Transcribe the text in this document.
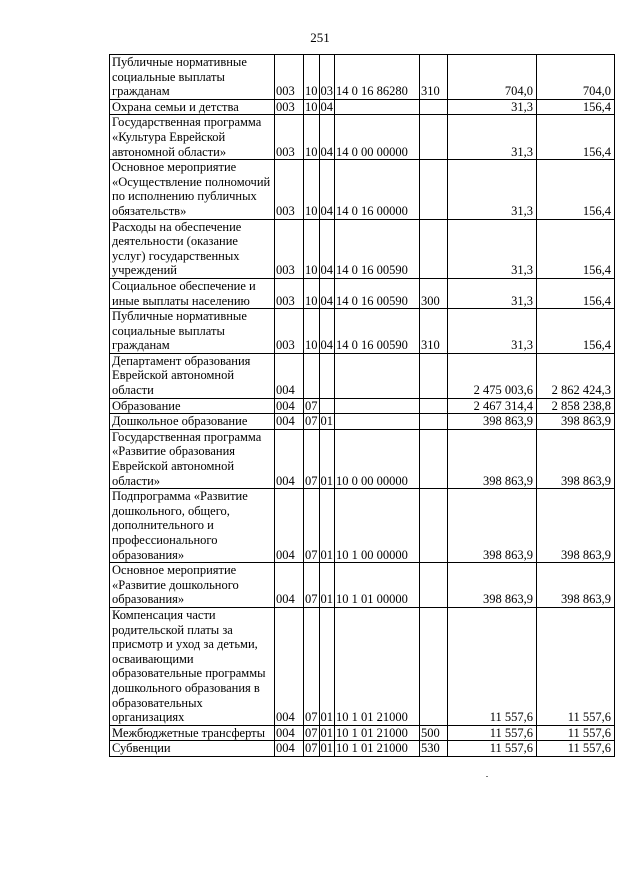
251
Публичные нормативные социальные выплаты гражданам	003	10	03	14 0 16 86280	310	704,0	704,0
Охрана семьи и детства	003	10	04			31,3	156,4
Государственная программа «Культура Еврейской автономной области»	003	10	04	14 0 00 00000		31,3	156,4
Основное мероприятие «Осуществление полномочий по исполнению публичных обязательств»	003	10	04	14 0 16 00000		31,3	156,4
Расходы на обеспечение деятельности (оказание услуг) государственных учреждений	003	10	04	14 0 16 00590		31,3	156,4
Социальное обеспечение и иные выплаты населению	003	10	04	14 0 16 00590	300	31,3	156,4
Публичные нормативные социальные выплаты гражданам	003	10	04	14 0 16 00590	310	31,3	156,4
Департамент образования Еврейской автономной области	004					2 475 003,6	2 862 424,3
Образование	004	07				2 467 314,4	2 858 238,8
Дошкольное образование	004	07	01			398 863,9	398 863,9
Государственная программа «Развитие образования Еврейской автономной области»	004	07	01	10 0 00 00000		398 863,9	398 863,9
Подпрограмма «Развитие дошкольного, общего, дополнительного и профессионального образования»	004	07	01	10 1 00 00000		398 863,9	398 863,9
Основное мероприятие «Развитие дошкольного образования»	004	07	01	10 1 01 00000		398 863,9	398 863,9
Компенсация части родительской платы за присмотр и уход за детьми, осваивающими образовательные программы дошкольного образования в образовательных организациях	004	07	01	10 1 01 21000		11 557,6	11 557,6
Межбюджетные трансферты	004	07	01	10 1 01 21000	500	11 557,6	11 557,6
Субвенции	004	07	01	10 1 01 21000	530	11 557,6	11 557,6
